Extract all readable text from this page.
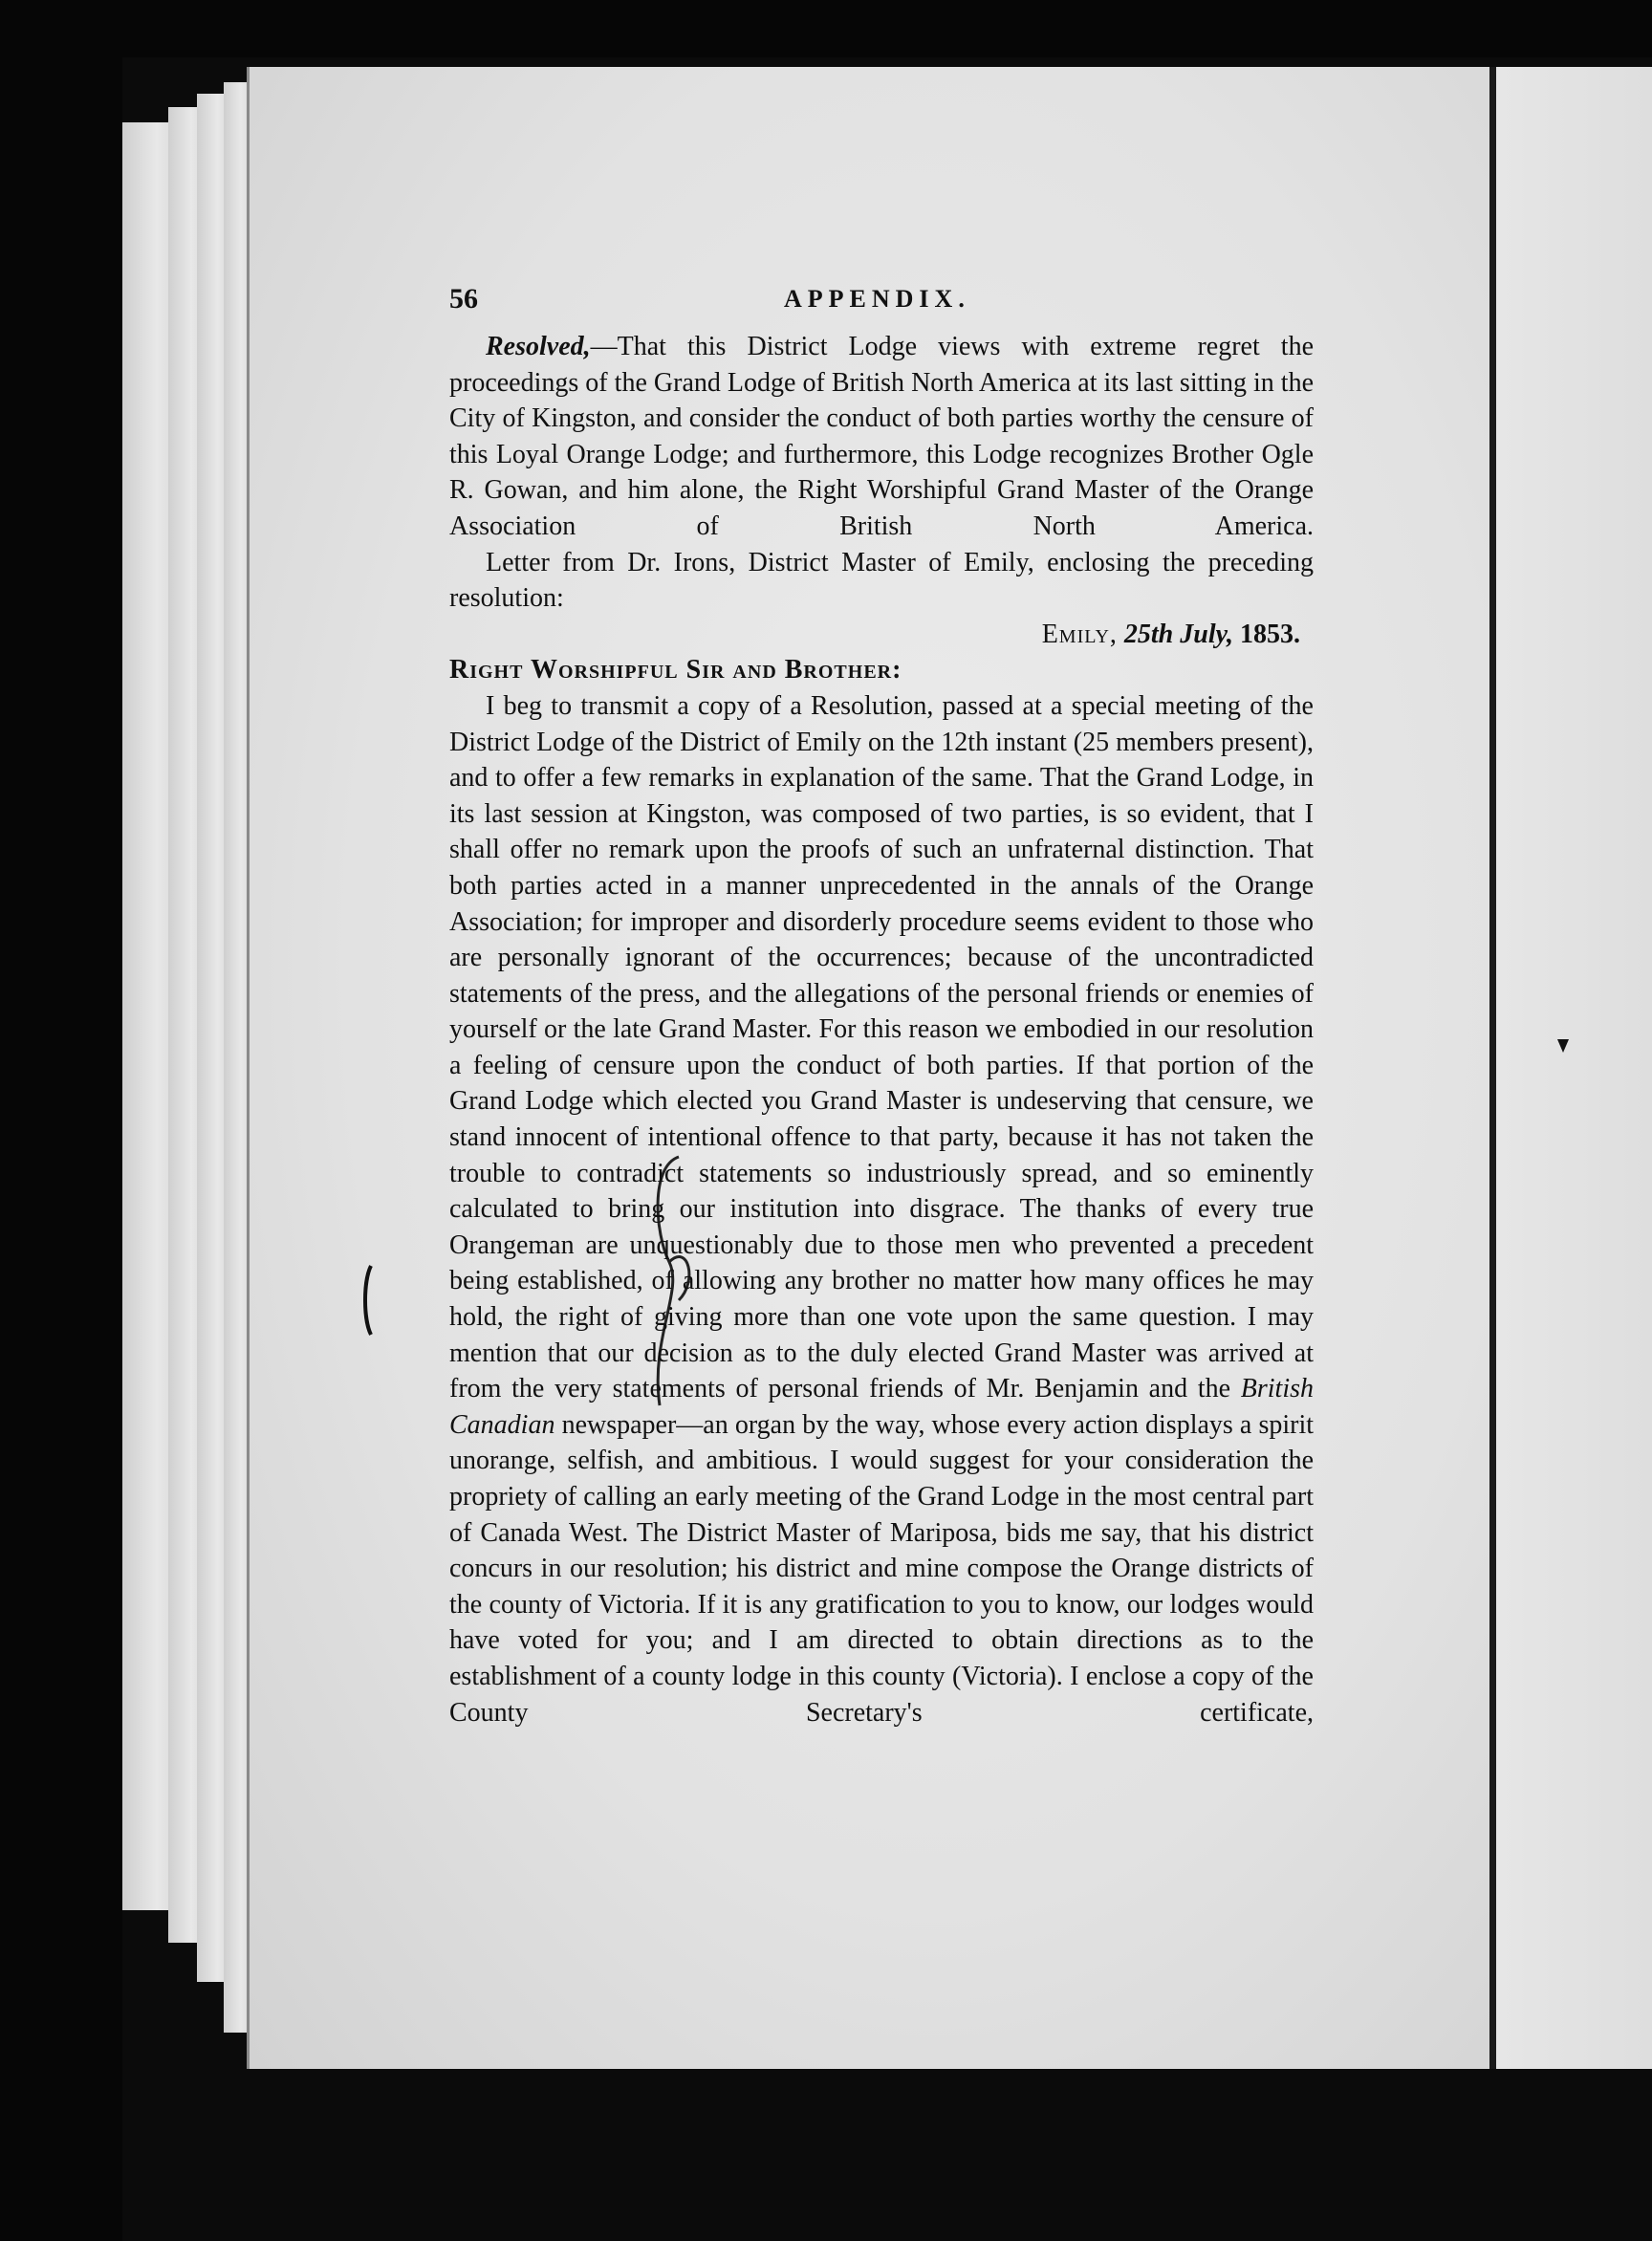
56	APPENDIX.

Resolved,—That this District Lodge views with extreme regret the proceedings of the Grand Lodge of British North America at its last sitting in the City of Kingston, and consider the conduct of both parties worthy the censure of this Loyal Orange Lodge; and furthermore, this Lodge recognizes Brother Ogle R. Gowan, and him alone, the Right Worshipful Grand Master of the Orange Association of British North America.

Letter from Dr. Irons, District Master of Emily, enclosing the preceding resolution:

Emily, 25th July, 1853.
Right Worshipful Sir and Brother:

I beg to transmit a copy of a Resolution, passed at a special meeting of the District Lodge of the District of Emily on the 12th instant (25 members present), and to offer a few remarks in explanation of the same. That the Grand Lodge, in its last session at Kingston, was composed of two parties, is so evident, that I shall offer no remark upon the proofs of such an unfraternal distinction. That both parties acted in a manner unprecedented in the annals of the Orange Association; for improper and disorderly procedure seems evident to those who are personally ignorant of the occurrences; because of the uncontradicted statements of the press, and the allegations of the personal friends or enemies of yourself or the late Grand Master. For this reason we embodied in our resolution a feeling of censure upon the conduct of both parties. If that portion of the Grand Lodge which elected you Grand Master is undeserving that censure, we stand innocent of intentional offence to that party, because it has not taken the trouble to contradict statements so industriously spread, and so eminently calculated to bring our institution into disgrace. The thanks of every true Orangeman are unquestionably due to those men who prevented a precedent being established, of allowing any brother no matter how many offices he may hold, the right of giving more than one vote upon the same question. I may mention that our decision as to the duly elected Grand Master was arrived at from the very statements of personal friends of Mr. Benjamin and the British Canadian newspaper—an organ by the way, whose every action displays a spirit unorange, selfish, and ambitious. I would suggest for your consideration the propriety of calling an early meeting of the Grand Lodge in the most central part of Canada West. The District Master of Mariposa, bids me say, that his district concurs in our resolution; his district and mine compose the Orange districts of the county of Victoria. If it is any gratification to you to know, our lodges would have voted for you; and I am directed to obtain directions as to the establishment of a county lodge in this county (Victoria). I enclose a copy of the County Secretary's certificate,
